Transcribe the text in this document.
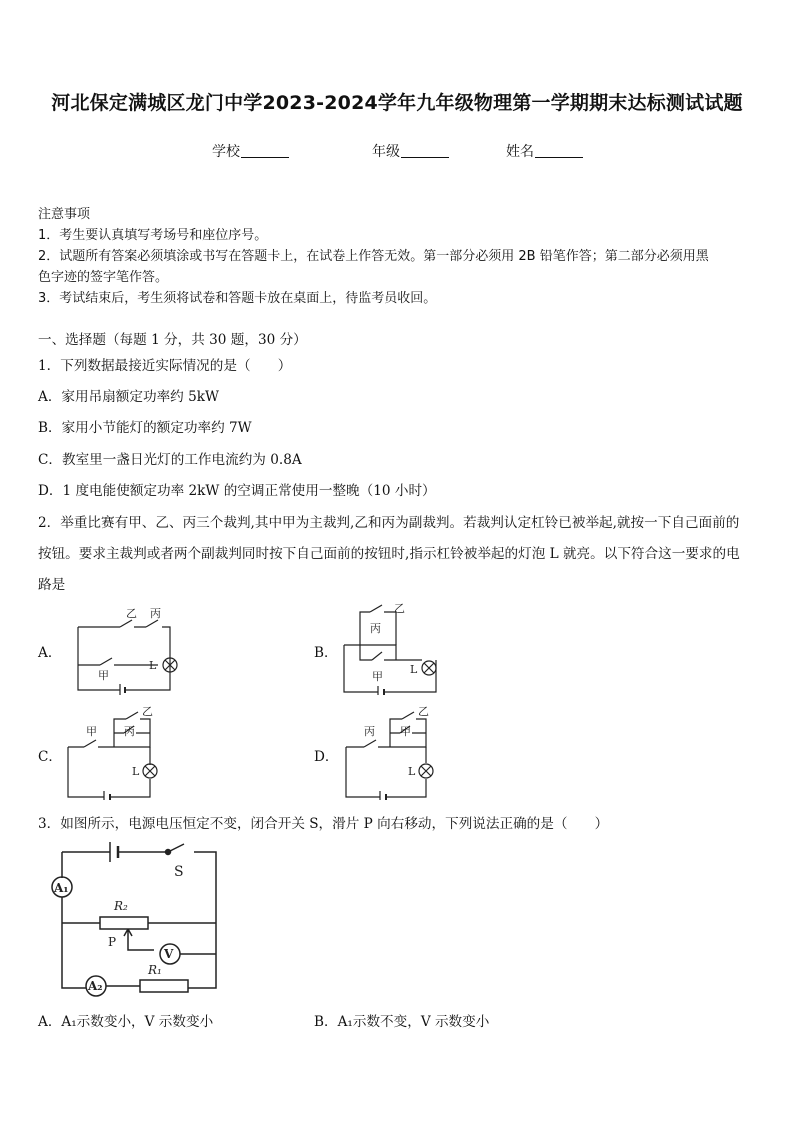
河北保定满城区龙门中学2023-2024学年九年级物理第一学期期末达标测试试题
学校	年级	姓名
注意事项
1．考生要认真填写考场号和座位序号。
2．试题所有答案必须填涂或书写在答题卡上，在试卷上作答无效。第一部分必须用 2B 铅笔作答；第二部分必须用黑
色字迹的签字笔作答。
3．考试结束后，考生须将试卷和答题卡放在桌面上，待监考员收回。
一、选择题（每题 1 分，共 30 题，30 分）
1．下列数据最接近实际情况的是（　　）
A．家用吊扇额定功率约 5kW
B．家用小节能灯的额定功率约 7W
C．教室里一盏日光灯的工作电流约为 0.8A
D．1 度电能使额定功率 2kW 的空调正常使用一整晚（10 小时）
2．举重比赛有甲、乙、丙三个裁判,其中甲为主裁判,乙和丙为副裁判。若裁判认定杠铃已被举起,就按一下自己面前的
按钮。要求主裁判或者两个副裁判同时按下自己面前的按钮时,指示杠铃被举起的灯泡 L 就亮。以下符合这一要求的电
路是
A．	B．
C．	D．
乙 丙
甲
L
乙
丙
甲
L
甲
乙
丙
L
丙
乙
甲
L
3．如图所示，电源电压恒定不变，闭合开关 S，滑片 P 向右移动，下列说法正确的是（　　）
A₁
A₂
V
S
R₂
R₁
P
A．A₁示数变小，V 示数变小	B．A₁示数不变，V 示数变小
